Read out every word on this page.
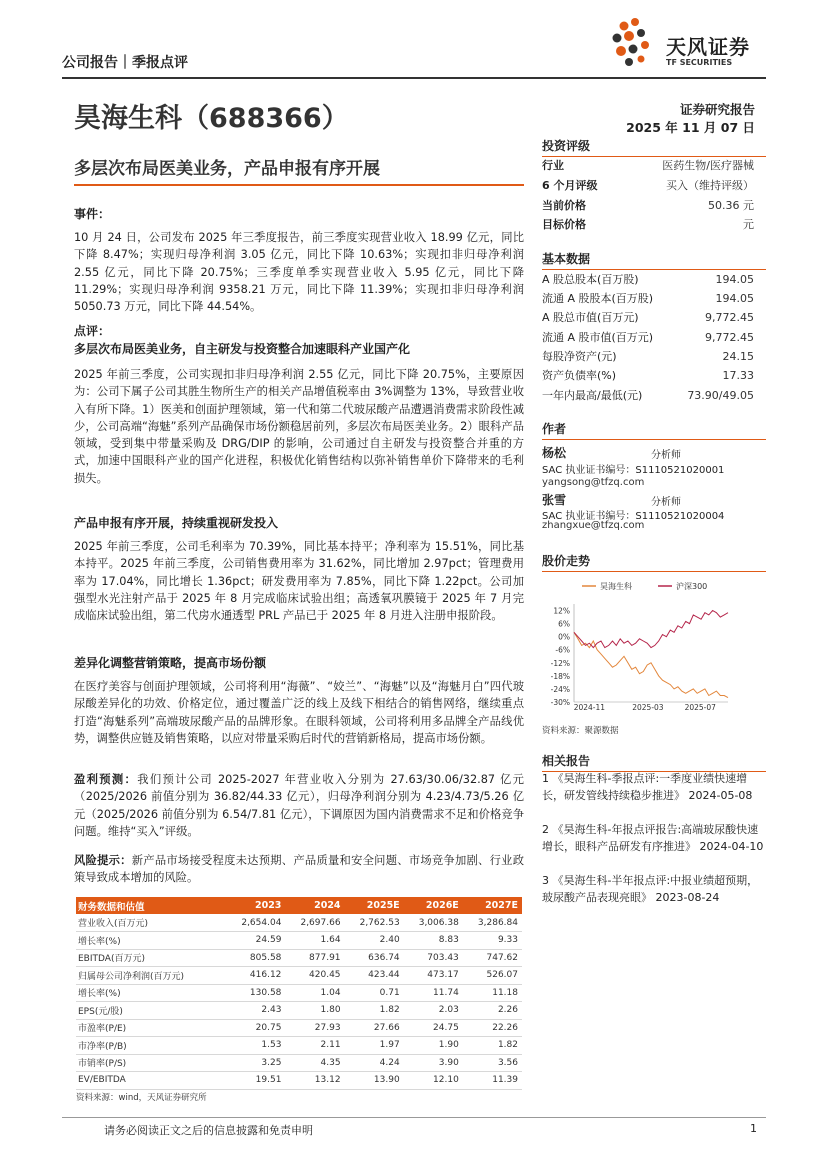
公司报告｜季报点评
天风证券
TF SECURITIES
昊海生科（688366）	证券研究报告
2025 年 11 月 07 日
多层次布局医美业务，产品申报有序开展
事件：
10 月 24 日，公司发布 2025 年三季度报告，前三季度实现营业收入 18.99 亿元，同比下降 8.47%；实现归母净利润 3.05 亿元，同比下降 10.63%；实现扣非归母净利润 2.55 亿元，同比下降 20.75%；三季度单季实现营业收入 5.95 亿元，同比下降 11.29%；实现归母净利润 9358.21 万元，同比下降 11.39%；实现扣非归母净利润 5050.73 万元，同比下降 44.54%。
点评：
多层次布局医美业务，自主研发与投资整合加速眼科产业国产化
2025 年前三季度，公司实现扣非归母净利润 2.55 亿元，同比下降 20.75%，主要原因为：公司下属子公司其胜生物所生产的相关产品增值税率由 3%调整为 13%，导致营业收入有所下降。1）医美和创面护理领域，第一代和第二代玻尿酸产品遭遇消费需求阶段性减少，公司高端“海魅”系列产品确保市场份额稳居前列，多层次布局医美业务。2）眼科产品领域，受到集中带量采购及 DRG/DIP 的影响，公司通过自主研发与投资整合并重的方式，加速中国眼科产业的国产化进程，积极优化销售结构以弥补销售单价下降带来的毛利损失。
产品申报有序开展，持续重视研发投入
2025 年前三季度，公司毛利率为 70.39%，同比基本持平；净利率为 15.51%，同比基本持平。2025 年前三季度，公司销售费用率为 31.62%，同比增加 2.97pct；管理费用率为 17.04%，同比增长 1.36pct；研发费用率为 7.85%，同比下降 1.22pct。公司加强型水光注射产品于 2025 年 8 月完成临床试验出组；高透氧巩膜镜于 2025 年 7 月完成临床试验出组，第二代房水通透型 PRL 产品已于 2025 年 8 月进入注册申报阶段。
差异化调整营销策略，提高市场份额
在医疗美容与创面护理领域，公司将利用“海薇”、“姣兰”、“海魅”以及“海魅月白”四代玻尿酸差异化的功效、价格定位，通过覆盖广泛的线上及线下相结合的销售网络，继续重点打造“海魅系列”高端玻尿酸产品的品牌形象。在眼科领域，公司将利用多品牌全产品线优势，调整供应链及销售策略，以应对带量采购后时代的营销新格局，提高市场份额。
盈利预测：我们预计公司 2025-2027 年营业收入分别为 27.63/30.06/32.87 亿元（2025/2026 前值分别为 36.82/44.33 亿元），归母净利润分别为 4.23/4.73/5.26 亿元（2025/2026 前值分别为 6.54/7.81 亿元），下调原因为国内消费需求不足和价格竞争问题。维持“买入”评级。
风险提示：新产品市场接受程度未达预期、产品质量和安全问题、市场竞争加剧、行业政策导致成本增加的风险。
财务数据和估值	2023	2024	2025E	2026E	2027E
营业收入(百万元)	2,654.04	2,697.66	2,762.53	3,006.38	3,286.84
增长率(%)	24.59	1.64	2.40	8.83	9.33
EBITDA(百万元)	805.58	877.91	636.74	703.43	747.62
归属母公司净利润(百万元)	416.12	420.45	423.44	473.17	526.07
增长率(%)	130.58	1.04	0.71	11.74	11.18
EPS(元/股)	2.43	1.80	1.82	2.03	2.26
市盈率(P/E)	20.75	27.93	27.66	24.75	22.26
市净率(P/B)	1.53	2.11	1.97	1.90	1.82
市销率(P/S)	3.25	4.35	4.24	3.90	3.56
EV/EBITDA	19.51	13.12	13.90	12.10	11.39
资料来源：wind，天风证券研究所
投资评级
行业	医药生物/医疗器械
6 个月评级	买入（维持评级）
当前价格	50.36 元
目标价格	元
基本数据
A 股总股本(百万股)	194.05
流通 A 股股本(百万股)	194.05
A 股总市值(百万元)	9,772.45
流通 A 股市值(百万元)	9,772.45
每股净资产(元)	24.15
资产负债率(%)	17.33
一年内最高/最低(元)	73.90/49.05
作者
杨松	分析师
SAC 执业证书编号：S1110521020001
yangsong@tfzq.com
张雪	分析师
SAC 执业证书编号：S1110521020004
zhangxue@tfzq.com
股价走势
昊海生科	沪深300
12%
6%
0%
-6%
-12%
-18%
-24%
-30%
2024-11	2025-03	2025-07
资料来源：聚源数据
相关报告
1 《昊海生科-季报点评:一季度业绩快速增长，研发管线持续稳步推进》 2024-05-08
2 《昊海生科-年报点评报告:高端玻尿酸快速增长，眼科产品研发有序推进》 2024-04-10
3 《昊海生科-半年报点评:中报业绩超预期，玻尿酸产品表现亮眼》 2023-08-24
请务必阅读正文之后的信息披露和免责申明	1
